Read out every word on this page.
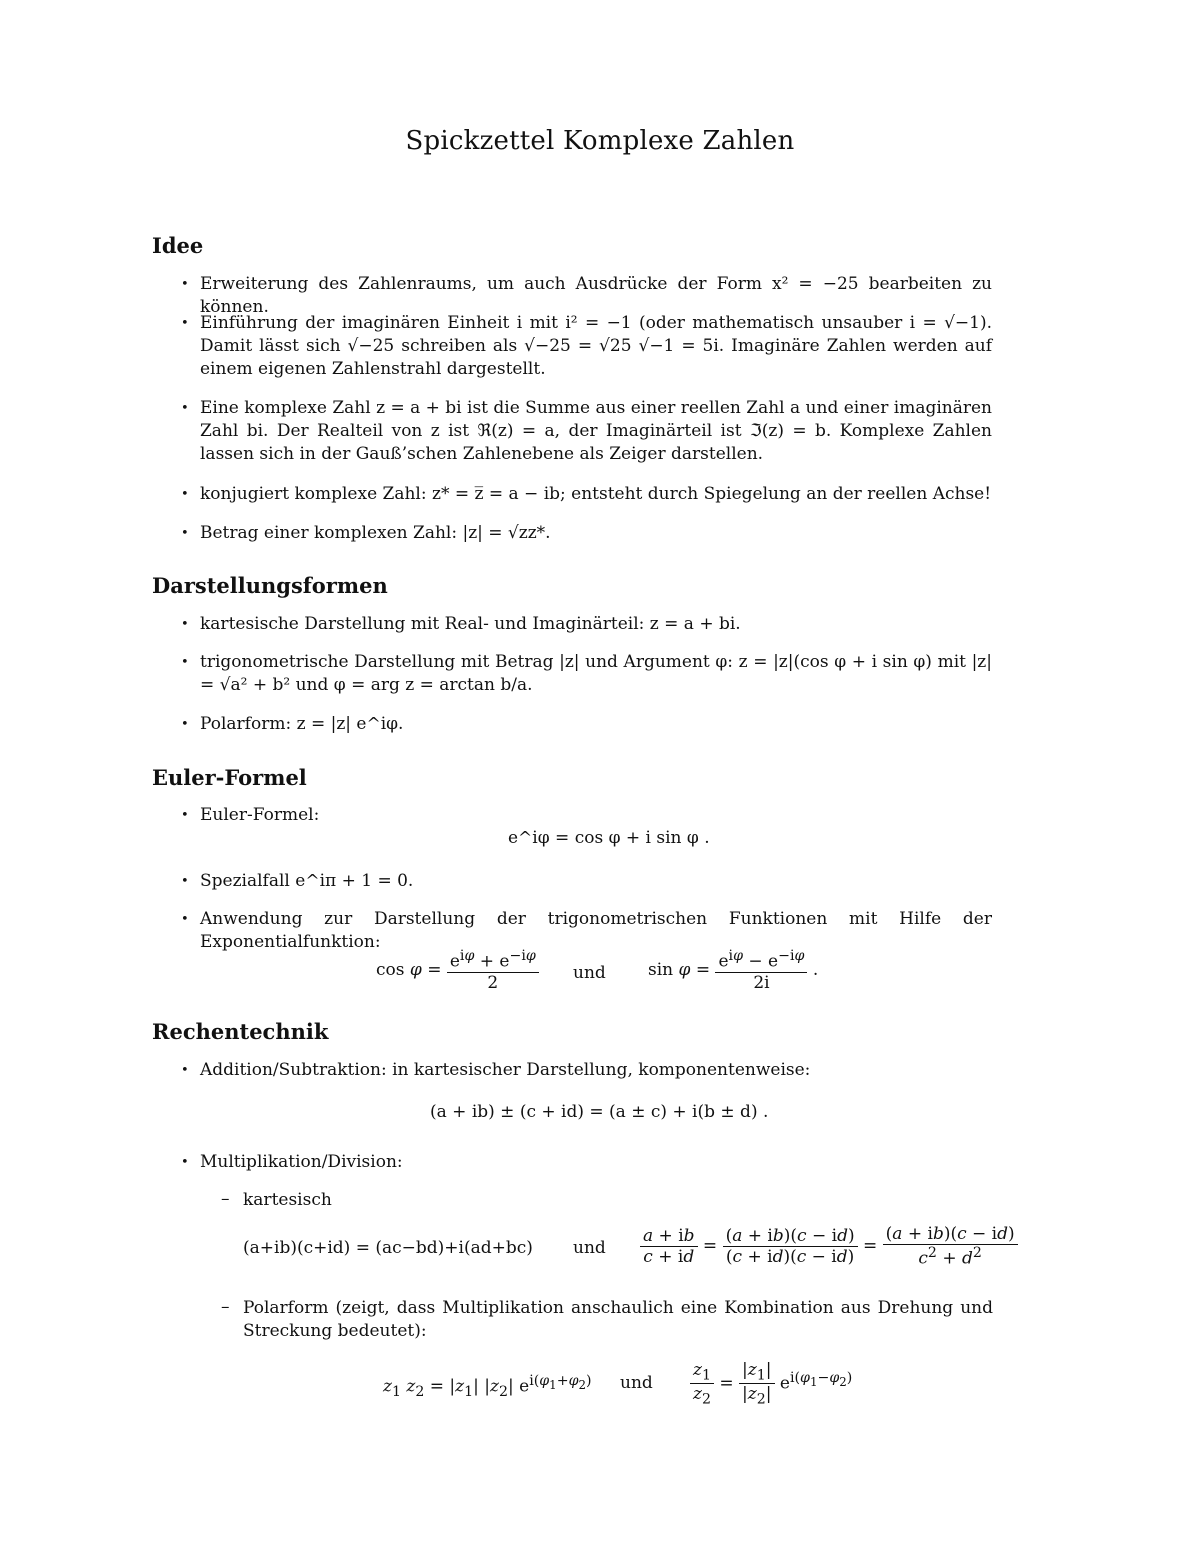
Spickzettel Komplexe Zahlen
Idee
• Erweiterung des Zahlenraums, um auch Ausdrücke der Form x² = −25 bearbeiten zu können.
• Einführung der imaginären Einheit i mit i² = −1 (oder mathematisch unsauber i = √−1). Damit lässt sich √−25 schreiben als √−25 = √25 √−1 = 5i. Imaginäre Zahlen werden auf einem eigenen Zahlenstrahl dargestellt.
• Eine komplexe Zahl z = a + bi ist die Summe aus einer reellen Zahl a und einer imaginären Zahl bi. Der Realteil von z ist ℜ(z) = a, der Imaginärteil ist ℑ(z) = b. Komplexe Zahlen lassen sich in der Gauß’schen Zahlenebene als Zeiger darstellen.
• konjugiert komplexe Zahl: z* = z̅ = a − ib; entsteht durch Spiegelung an der reellen Achse!
• Betrag einer komplexen Zahl: |z| = √zz*.
Darstellungsformen
• kartesische Darstellung mit Real- und Imaginärteil: z = a + bi.
• trigonometrische Darstellung mit Betrag |z| und Argument φ: z = |z|(cos φ + i sin φ) mit |z| = √a² + b² und φ = arg z = arctan b/a.
• Polarform: z = |z| e^iφ.
Euler-Formel
• Euler-Formel:
e^iφ = cos φ + i sin φ .
• Spezialfall e^iπ + 1 = 0.
• Anwendung zur Darstellung der trigonometrischen Funktionen mit Hilfe der Exponentialfunktion:
$\cos \varphi = \frac{e^{i\varphi} + e^{-i\varphi}}{2}$ und $\sin \varphi = \frac{e^{i\varphi} - e^{-i\varphi}}{2i}$ .
Rechentechnik
• Addition/Subtraktion: in kartesischer Darstellung, komponentenweise:
(a + ib) ± (c + id) = (a ± c) + i(b ± d) .
• Multiplikation/Division:
– kartesisch
(a+ib)(c+id) = (ac−bd)+i(ad+bc) und $\frac{a + ib}{c + id} = \frac{(a + ib)(c - id)}{(c + id)(c - id)} = \frac{(a + ib)(c - id)}{c^2 + d^2}$
– Polarform (zeigt, dass Multiplikation anschaulich eine Kombination aus Drehung und Streckung bedeutet):
$z_1$ $z_2 = |z_1|$ $|z_2|$ $e^{i(\varphi_1+\varphi_2)}$ und $\frac{z_1}{z_2} = \frac{|z_1|}{|z_2|} e^{i(\varphi_1-\varphi_2)}$
